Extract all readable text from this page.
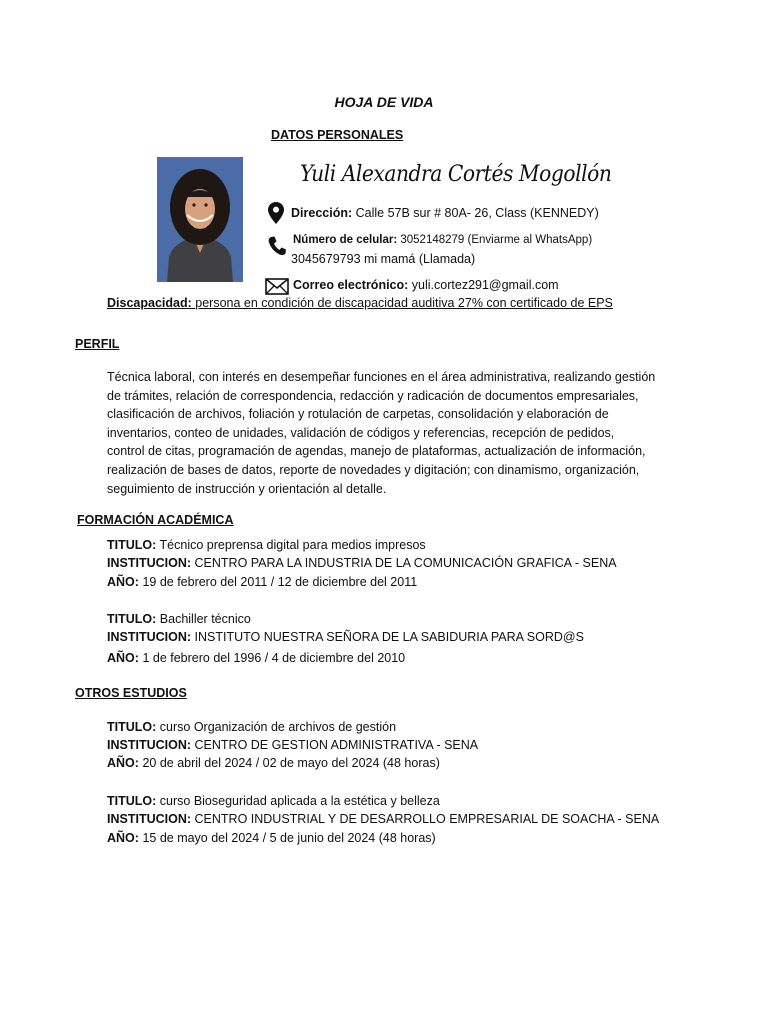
HOJA DE VIDA
DATOS PERSONALES
Yuli Alexandra Cortés Mogollón
Dirección: Calle 57B sur # 80A- 26, Class (KENNEDY)
Número de celular: 3052148279 (Enviarme al WhatsApp)
3045679793 mi mamá (Llamada)
Correo electrónico: yuli.cortez291@gmail.com
Discapacidad: persona en condición de discapacidad auditiva 27% con certificado de EPS
PERFIL
Técnica laboral, con interés en desempeñar funciones en el área administrativa, realizando gestión
de trámites, relación de correspondencia, redacción y radicación de documentos empresariales,
clasificación de archivos, foliación y rotulación de carpetas, consolidación y elaboración de
inventarios, conteo de unidades, validación de códigos y referencias, recepción de pedidos,
control de citas, programación de agendas, manejo de plataformas, actualización de información,
realización de bases de datos, reporte de novedades y digitación; con dinamismo, organización,
seguimiento de instrucción y orientación al detalle.
FORMACIÓN ACADÉMICA
TITULO: Técnico preprensa digital para medios impresos
INSTITUCION: CENTRO PARA LA INDUSTRIA DE LA COMUNICACIÓN GRAFICA - SENA
AÑO: 19 de febrero del 2011 / 12 de diciembre del 2011
TITULO: Bachiller técnico
INSTITUCION: INSTITUTO NUESTRA SEÑORA DE LA SABIDURIA PARA SORD@S
AÑO: 1 de febrero del 1996 / 4 de diciembre del 2010
OTROS ESTUDIOS
TITULO: curso Organización de archivos de gestión
INSTITUCION: CENTRO DE GESTION ADMINISTRATIVA - SENA
AÑO: 20 de abril del 2024 / 02 de mayo del 2024 (48 horas)
TITULO: curso Bioseguridad aplicada a la estética y belleza
INSTITUCION: CENTRO INDUSTRIAL Y DE DESARROLLO EMPRESARIAL DE SOACHA - SENA
AÑO: 15 de mayo del 2024 / 5 de junio del 2024 (48 horas)
